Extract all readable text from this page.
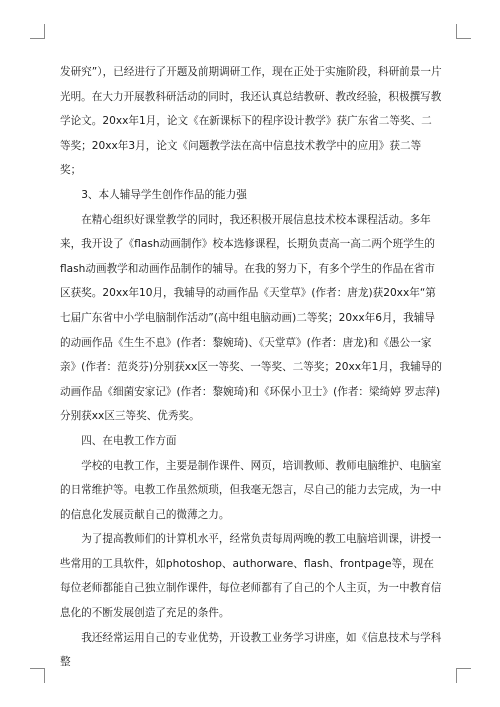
发研究”），已经进行了开题及前期调研工作，现在正处于实施阶段，科研前景一片光明。在大力开展教科研活动的同时，我还认真总结教研、教改经验，积极撰写教学论文。20xx年1月，论文《在新课标下的程序设计教学》获广东省二等奖、二等奖；20xx年3月，论文《问题教学法在高中信息技术教学中的应用》获二等奖；

3、本人辅导学生创作作品的能力强

在精心组织好课堂教学的同时，我还积极开展信息技术校本课程活动。多年来，我开设了《flash动画制作》校本选修课程，长期负责高一高二两个班学生的flash动画教学和动画作品制作的辅导。在我的努力下，有多个学生的作品在省市区获奖。20xx年10月，我辅导的动画作品《天堂草》(作者：唐龙)获20xx年“第七届广东省中小学电脑制作活动”(高中组电脑动画)二等奖；20xx年6月，我辅导的动画作品《生生不息》(作者：黎婉琦)、《天堂草》(作者：唐龙)和《愚公一家亲》(作者：范炎芬)分别获xx区一等奖、一等奖、二等奖；20xx年1月，我辅导的动画作品《细菌安家记》(作者：黎婉琦)和《环保小卫士》(作者：梁绮婷 罗志萍)分别获xx区三等奖、优秀奖。

四、在电教工作方面

学校的电教工作，主要是制作课件、网页，培训教师、教师电脑维护、电脑室的日常维护等。电教工作虽然烦琐，但我毫无怨言，尽自己的能力去完成，为一中的信息化发展贡献自己的微薄之力。

为了提高教师们的计算机水平，经常负责每周两晚的教工电脑培训课，讲授一些常用的工具软件，如photoshop、authorware、flash、frontpage等，现在每位老师都能自己独立制作课件，每位老师都有了自己的个人主页，为一中教育信息化的不断发展创造了充足的条件。

我还经常运用自己的专业优势，开设教工业务学习讲座，如《信息技术与学科整
